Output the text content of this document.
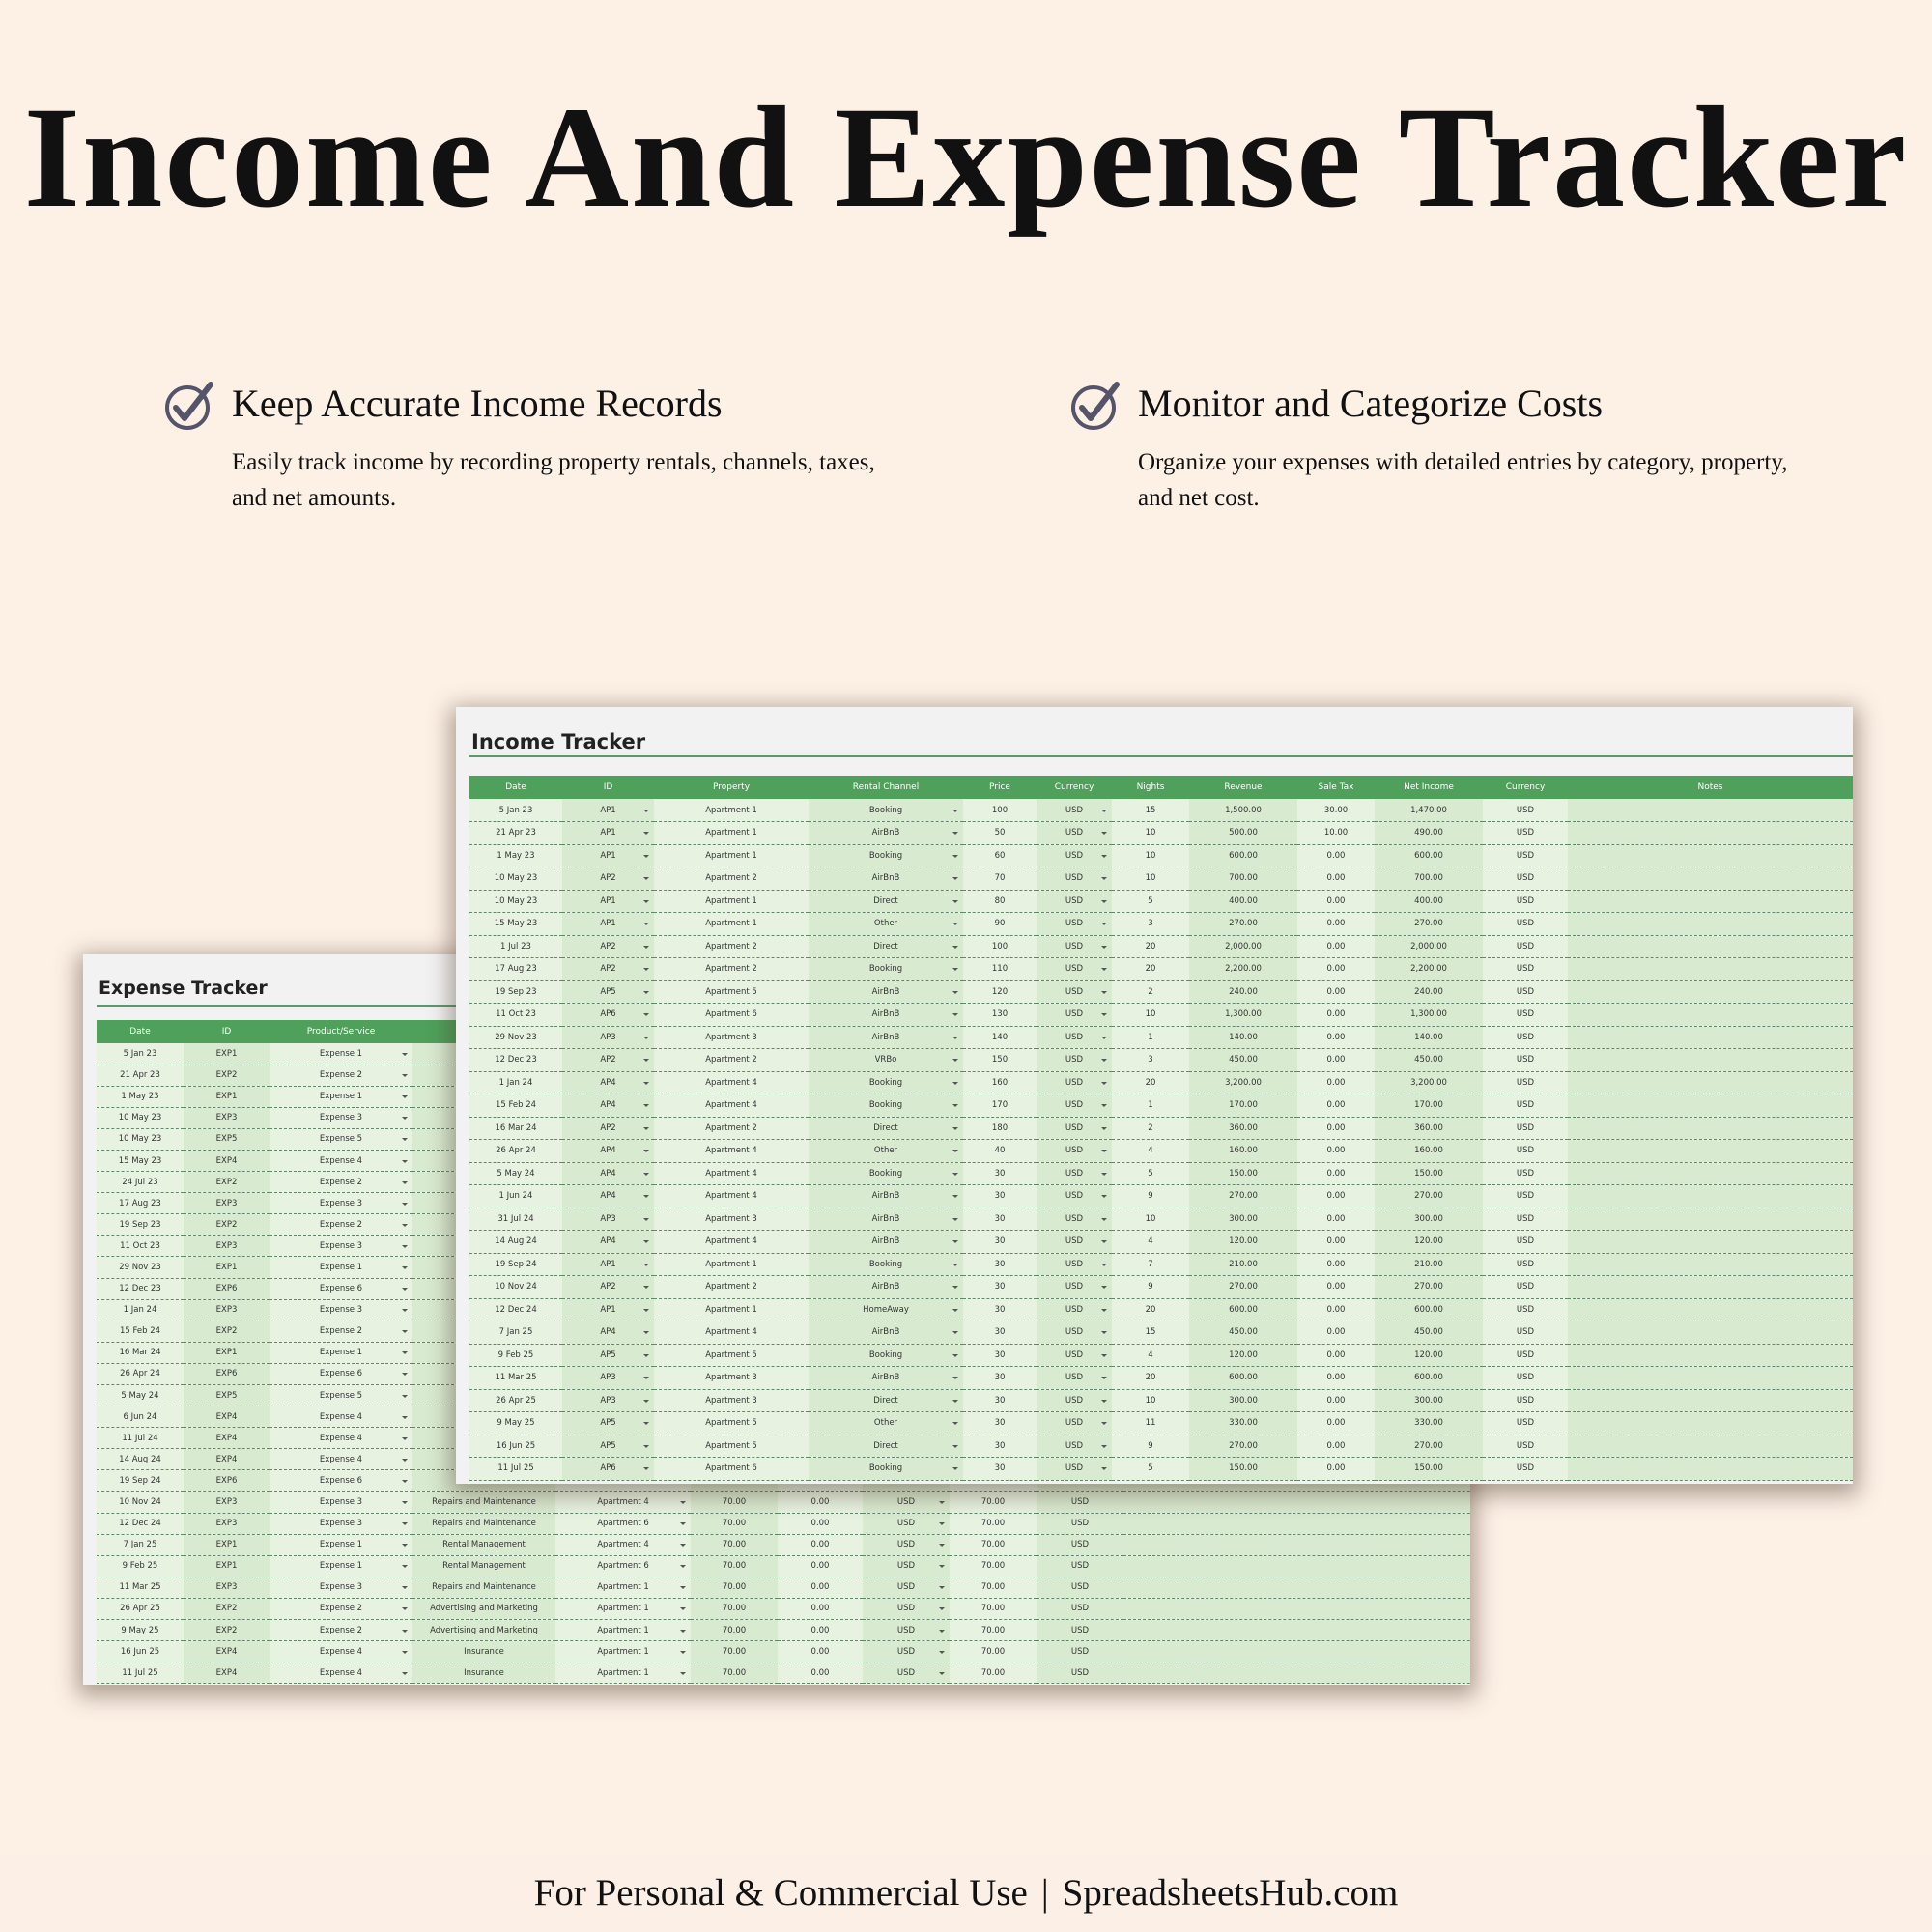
Income And Expense Tracker
Keep Accurate Income Records

Easily track income by recording property rentals, channels, taxes, and net amounts.

Monitor and Categorize Costs

Organize your expenses with detailed entries by category, property, and net cost.

Expense Tracker
Date	ID	Product/Service								
5 Jan 23	EXP1	Expense 1								
21 Apr 23	EXP2	Expense 2								
1 May 23	EXP1	Expense 1								
10 May 23	EXP3	Expense 3								
10 May 23	EXP5	Expense 5								
15 May 23	EXP4	Expense 4								
24 Jul 23	EXP2	Expense 2								
17 Aug 23	EXP3	Expense 3								
19 Sep 23	EXP2	Expense 2								
11 Oct 23	EXP3	Expense 3								
29 Nov 23	EXP1	Expense 1								
12 Dec 23	EXP6	Expense 6								
1 Jan 24	EXP3	Expense 3								
15 Feb 24	EXP2	Expense 2								
16 Mar 24	EXP1	Expense 1								
26 Apr 24	EXP6	Expense 6								
5 May 24	EXP5	Expense 5								
6 Jun 24	EXP4	Expense 4								
11 Jul 24	EXP4	Expense 4								
14 Aug 24	EXP4	Expense 4								
19 Sep 24	EXP6	Expense 6								
10 Nov 24	EXP3	Expense 3	Repairs and Maintenance	Apartment 4	70.00	0.00	USD	70.00	USD	
12 Dec 24	EXP3	Expense 3	Repairs and Maintenance	Apartment 6	70.00	0.00	USD	70.00	USD	
7 Jan 25	EXP1	Expense 1	Rental Management	Apartment 4	70.00	0.00	USD	70.00	USD	
9 Feb 25	EXP1	Expense 1	Rental Management	Apartment 6	70.00	0.00	USD	70.00	USD	
11 Mar 25	EXP3	Expense 3	Repairs and Maintenance	Apartment 1	70.00	0.00	USD	70.00	USD	
26 Apr 25	EXP2	Expense 2	Advertising and Marketing	Apartment 1	70.00	0.00	USD	70.00	USD	
9 May 25	EXP2	Expense 2	Advertising and Marketing	Apartment 1	70.00	0.00	USD	70.00	USD	
16 Jun 25	EXP4	Expense 4	Insurance	Apartment 1	70.00	0.00	USD	70.00	USD	
11 Jul 25	EXP4	Expense 4	Insurance	Apartment 1	70.00	0.00	USD	70.00	USD	
Income Tracker
Date	ID	Property	Rental Channel	Price	Currency	Nights	Revenue	Sale Tax	Net Income	Currency	Notes
5 Jan 23	AP1	Apartment 1	Booking	100	USD	15	1,500.00	30.00	1,470.00	USD	
21 Apr 23	AP1	Apartment 1	AirBnB	50	USD	10	500.00	10.00	490.00	USD	
1 May 23	AP1	Apartment 1	Booking	60	USD	10	600.00	0.00	600.00	USD	
10 May 23	AP2	Apartment 2	AirBnB	70	USD	10	700.00	0.00	700.00	USD	
10 May 23	AP1	Apartment 1	Direct	80	USD	5	400.00	0.00	400.00	USD	
15 May 23	AP1	Apartment 1	Other	90	USD	3	270.00	0.00	270.00	USD	
1 Jul 23	AP2	Apartment 2	Direct	100	USD	20	2,000.00	0.00	2,000.00	USD	
17 Aug 23	AP2	Apartment 2	Booking	110	USD	20	2,200.00	0.00	2,200.00	USD	
19 Sep 23	AP5	Apartment 5	AirBnB	120	USD	2	240.00	0.00	240.00	USD	
11 Oct 23	AP6	Apartment 6	AirBnB	130	USD	10	1,300.00	0.00	1,300.00	USD	
29 Nov 23	AP3	Apartment 3	AirBnB	140	USD	1	140.00	0.00	140.00	USD	
12 Dec 23	AP2	Apartment 2	VRBo	150	USD	3	450.00	0.00	450.00	USD	
1 Jan 24	AP4	Apartment 4	Booking	160	USD	20	3,200.00	0.00	3,200.00	USD	
15 Feb 24	AP4	Apartment 4	Booking	170	USD	1	170.00	0.00	170.00	USD	
16 Mar 24	AP2	Apartment 2	Direct	180	USD	2	360.00	0.00	360.00	USD	
26 Apr 24	AP4	Apartment 4	Other	40	USD	4	160.00	0.00	160.00	USD	
5 May 24	AP4	Apartment 4	Booking	30	USD	5	150.00	0.00	150.00	USD	
1 Jun 24	AP4	Apartment 4	AirBnB	30	USD	9	270.00	0.00	270.00	USD	
31 Jul 24	AP3	Apartment 3	AirBnB	30	USD	10	300.00	0.00	300.00	USD	
14 Aug 24	AP4	Apartment 4	AirBnB	30	USD	4	120.00	0.00	120.00	USD	
19 Sep 24	AP1	Apartment 1	Booking	30	USD	7	210.00	0.00	210.00	USD	
10 Nov 24	AP2	Apartment 2	AirBnB	30	USD	9	270.00	0.00	270.00	USD	
12 Dec 24	AP1	Apartment 1	HomeAway	30	USD	20	600.00	0.00	600.00	USD	
7 Jan 25	AP4	Apartment 4	AirBnB	30	USD	15	450.00	0.00	450.00	USD	
9 Feb 25	AP5	Apartment 5	Booking	30	USD	4	120.00	0.00	120.00	USD	
11 Mar 25	AP3	Apartment 3	AirBnB	30	USD	20	600.00	0.00	600.00	USD	
26 Apr 25	AP3	Apartment 3	Direct	30	USD	10	300.00	0.00	300.00	USD	
9 May 25	AP5	Apartment 5	Other	30	USD	11	330.00	0.00	330.00	USD	
16 Jun 25	AP5	Apartment 5	Direct	30	USD	9	270.00	0.00	270.00	USD	
11 Jul 25	AP6	Apartment 6	Booking	30	USD	5	150.00	0.00	150.00	USD	
For Personal & Commercial Use | SpreadsheetsHub.com
